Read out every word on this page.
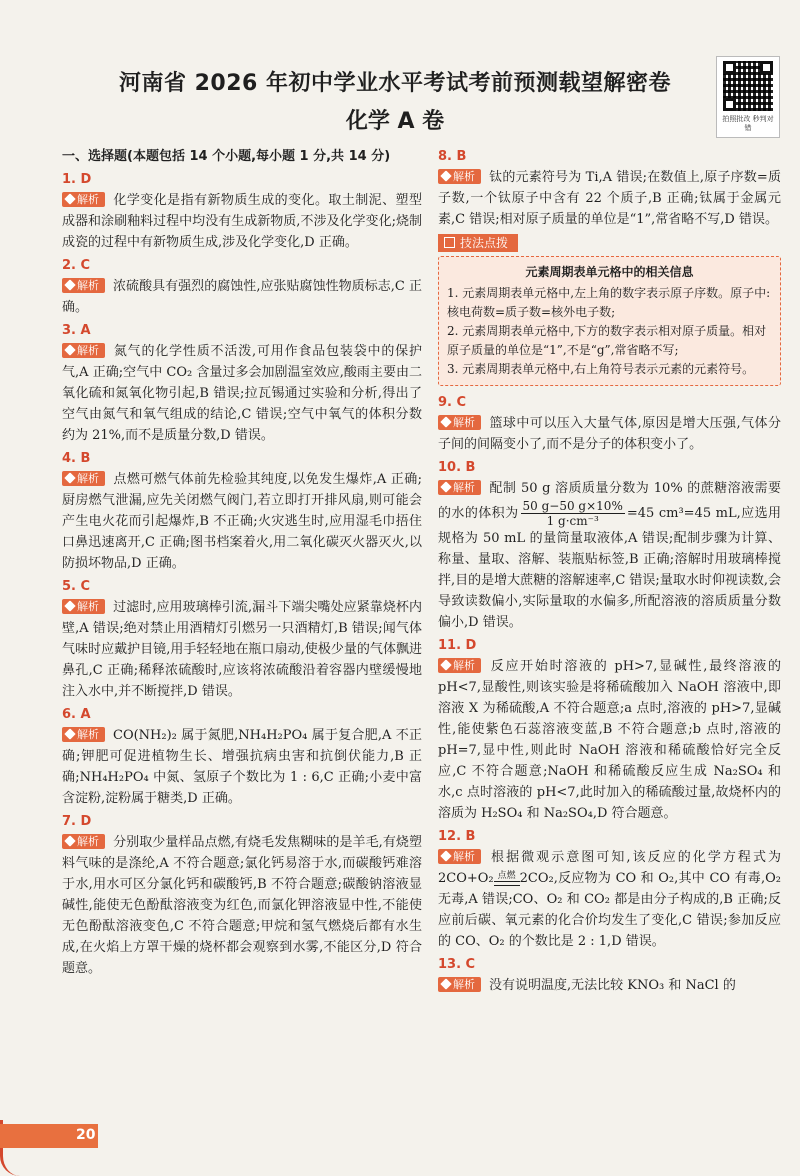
河南省 2026 年初中学业水平考试考前预测载望解密卷
化学 A 卷	拍照批改 秒判对错
一、选择题(本题包括 14 个小题,每小题 1 分,共 14 分)
1. D
解析 化学变化是指有新物质生成的变化。取土制泥、塑型成器和涂刷釉料过程中均没有生成新物质,不涉及化学变化;烧制成瓷的过程中有新物质生成,涉及化学变化,D 正确。
2. C
解析 浓硫酸具有强烈的腐蚀性,应张贴腐蚀性物质标志,C 正确。
3. A
解析 氮气的化学性质不活泼,可用作食品包装袋中的保护气,A 正确;空气中 CO₂ 含量过多会加剧温室效应,酸雨主要由二氧化硫和氮氧化物引起,B 错误;拉瓦锡通过实验和分析,得出了空气由氮气和氧气组成的结论,C 错误;空气中氧气的体积分数约为 21%,而不是质量分数,D 错误。
4. B
解析 点燃可燃气体前先检验其纯度,以免发生爆炸,A 正确;厨房燃气泄漏,应先关闭燃气阀门,若立即打开排风扇,则可能会产生电火花而引起爆炸,B 不正确;火灾逃生时,应用湿毛巾捂住口鼻迅速离开,C 正确;图书档案着火,用二氧化碳灭火器灭火,以防损坏物品,D 正确。
5. C
解析 过滤时,应用玻璃棒引流,漏斗下端尖嘴处应紧靠烧杯内壁,A 错误;绝对禁止用酒精灯引燃另一只酒精灯,B 错误;闻气体气味时应戴护目镜,用手轻轻地在瓶口扇动,使极少量的气体飘进鼻孔,C 正确;稀释浓硫酸时,应该将浓硫酸沿着容器内壁缓慢地注入水中,并不断搅拌,D 错误。
6. A
解析 CO(NH₂)₂ 属于氮肥,NH₄H₂PO₄ 属于复合肥,A 不正确;钾肥可促进植物生长、增强抗病虫害和抗倒伏能力,B 正确;NH₄H₂PO₄ 中氮、氢原子个数比为 1 : 6,C 正确;小麦中富含淀粉,淀粉属于糖类,D 正确。
7. D
解析 分别取少量样品点燃,有烧毛发焦糊味的是羊毛,有烧塑料气味的是涤纶,A 不符合题意;氯化钙易溶于水,而碳酸钙难溶于水,用水可区分氯化钙和碳酸钙,B 不符合题意;碳酸钠溶液显碱性,能使无色酚酞溶液变为红色,而氯化钾溶液显中性,不能使无色酚酞溶液变色,C 不符合题意;甲烷和氢气燃烧后都有水生成,在火焰上方罩干燥的烧杯都会观察到水雾,不能区分,D 符合题意。
8. B
解析 钛的元素符号为 Ti,A 错误;在数值上,原子序数=质子数,一个钛原子中含有 22 个质子,B 正确;钛属于金属元素,C 错误;相对原子质量的单位是“1”,常省略不写,D 错误。
技法点拨
元素周期表单元格中的相关信息
1. 元素周期表单元格中,左上角的数字表示原子序数。原子中:核电荷数=质子数=核外电子数;
2. 元素周期表单元格中,下方的数字表示相对原子质量。相对原子质量的单位是“1”,不是“g”,常省略不写;
3. 元素周期表单元格中,右上角符号表示元素的元素符号。
9. C
解析 篮球中可以压入大量气体,原因是增大压强,气体分子间的间隔变小了,而不是分子的体积变小了。
10. B
解析 配制 50 g 溶质质量分数为 10% 的蔗糖溶液需要的水的体积为 $\frac{50 g-50 g\times 10\%}{\text{1 g·cm⁻³}} =45$ cm³=45 mL,应选用规格为 50 mL 的量筒量取液体,A 错误;配制步骤为计算、称量、量取、溶解、装瓶贴标签,B 正确;溶解时用玻璃棒搅拌,目的是增大蔗糖的溶解速率,C 错误;量取水时仰视读数,会导致读数偏小,实际量取的水偏多,所配溶液的溶质质量分数偏小,D 错误。
11. D
解析 反应开始时溶液的 pH>7,显碱性,最终溶液的 pH<7,显酸性,则该实验是将稀硫酸加入 NaOH 溶液中,即溶液 X 为稀硫酸,A 不符合题意;a 点时,溶液的 pH>7,显碱性,能使紫色石蕊溶液变蓝,B 不符合题意;b 点时,溶液的 pH=7,显中性,则此时 NaOH 溶液和稀硫酸恰好完全反应,C 不符合题意;NaOH 和稀硫酸反应生成 Na₂SO₄ 和水,c 点时溶液的 pH<7,此时加入的稀硫酸过量,故烧杯内的溶质为 H₂SO₄ 和 Na₂SO₄,D 符合题意。
12. B
解析 根据微观示意图可知,该反应的化学方程式为 2CO+O₂ 点燃 2CO₂,反应物为 CO 和 O₂,其中 CO 有毒,O₂ 无毒,A 错误;CO、O₂ 和 CO₂ 都是由分子构成的,B 正确;反应前后碳、氧元素的化合价均发生了变化,C 错误;参加反应的 CO、O₂ 的个数比是 2 : 1,D 错误。
13. C
解析 没有说明温度,无法比较 KNO₃ 和 NaCl 的
20
